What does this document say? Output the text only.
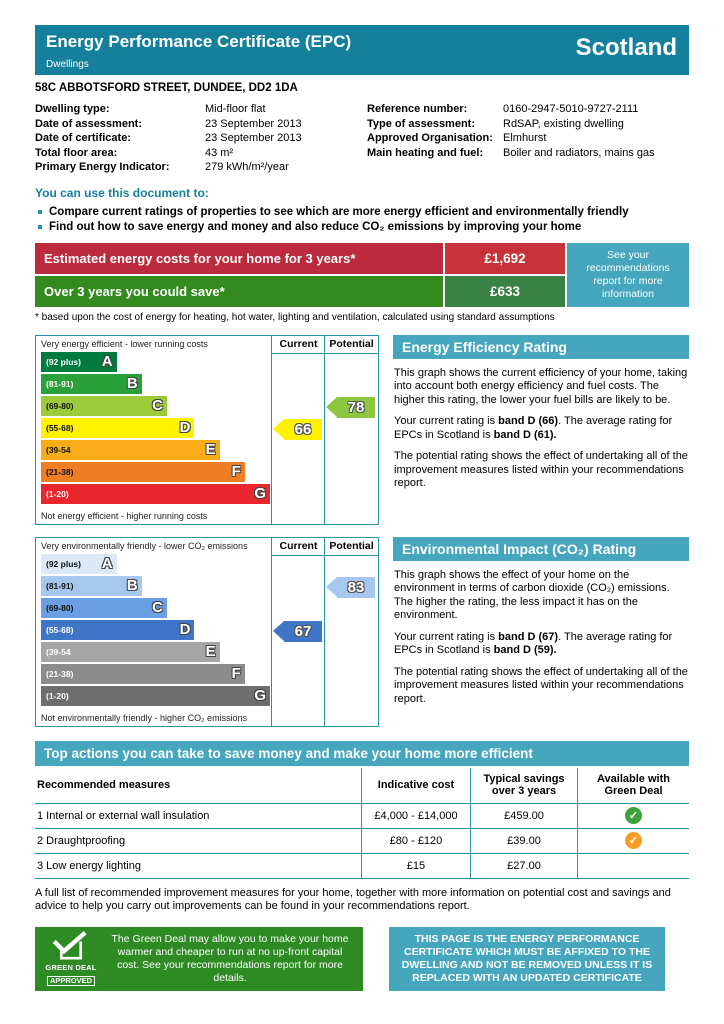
Energy Performance Certificate (EPC)
Dwellings
Scotland
58C ABBOTSFORD STREET, DUNDEE, DD2 1DA
Dwelling type:	Mid-floor flat
Date of assessment:	23 September 2013
Date of certificate:	23 September 2013
Total floor area:	43 m²
Primary Energy Indicator:	279 kWh/m²/year
Reference number:	0160-2947-5010-9727-2111
Type of assessment:	RdSAP, existing dwelling
Approved Organisation: Elmhurst
Main heating and fuel:	Boiler and radiators, mains gas
You can use this document to:
Compare current ratings of properties to see which are more energy efficient and environmentally friendly
Find out how to save energy and money and also reduce CO₂ emissions by improving your home
Estimated energy costs for your home for 3 years*	£1,692	See your recommendations report for more information
Over 3 years you could save*	£633
* based upon the cost of energy for heating, hot water, lighting and ventilation, calculated using standard assumptions
Very energy efficient - lower running costs
(92 plus) A
(81-91)	B
(69-80)	C
(55-68)	D
(39-54	E
(21-38)	F
(1-20)	G
Not energy efficient - higher running costs
Current	Potential
66
78
Energy Efficiency Rating

This graph shows the current efficiency of your home, taking into account both energy efficiency and fuel costs. The higher this rating, the lower your fuel bills are likely to be.

Your current rating is band D (66). The average rating for EPCs in Scotland is band D (61).

The potential rating shows the effect of undertaking all of the improvement measures listed within your recommendations report.

Very environmentally friendly - lower CO₂ emissions
(92 plus) A
(81-91)	B
(69-80)	C
(55-68)	D
(39-54	E
(21-38)	F
(1-20)	G
Not environmentally friendly - higher CO₂ emissions
Current	Potential
67
83
Environmental Impact (CO₂) Rating

This graph shows the effect of your home on the environment in terms of carbon dioxide (CO₂) emissions. The higher the rating, the less impact it has on the environment.

Your current rating is band D (67). The average rating for EPCs in Scotland is band D (59).

The potential rating shows the effect of undertaking all of the improvement measures listed within your recommendations report.

Top actions you can take to save money and make your home more efficient
Recommended measures	Indicative cost	Typical savings over 3 years
Available with Green Deal
1 Internal or external wall insulation	£4,000 - £14,000	£459.00
✓
2 Draughtproofing	£80 - £120	£39.00
✓
3 Low energy lighting	£15	£27.00
A full list of recommended improvement measures for your home, together with more information on potential cost and savings and advice to help you carry out improvements can be found in your recommendations report.
GREEN DEAL
APPROVED
The Green Deal may allow you to make your home warmer and cheaper to run at no up-front capital cost. See your recommendations report for more details.
THIS PAGE IS THE ENERGY PERFORMANCE CERTIFICATE WHICH MUST BE AFFIXED TO THE DWELLING AND NOT BE REMOVED UNLESS IT IS REPLACED WITH AN UPDATED CERTIFICATE
